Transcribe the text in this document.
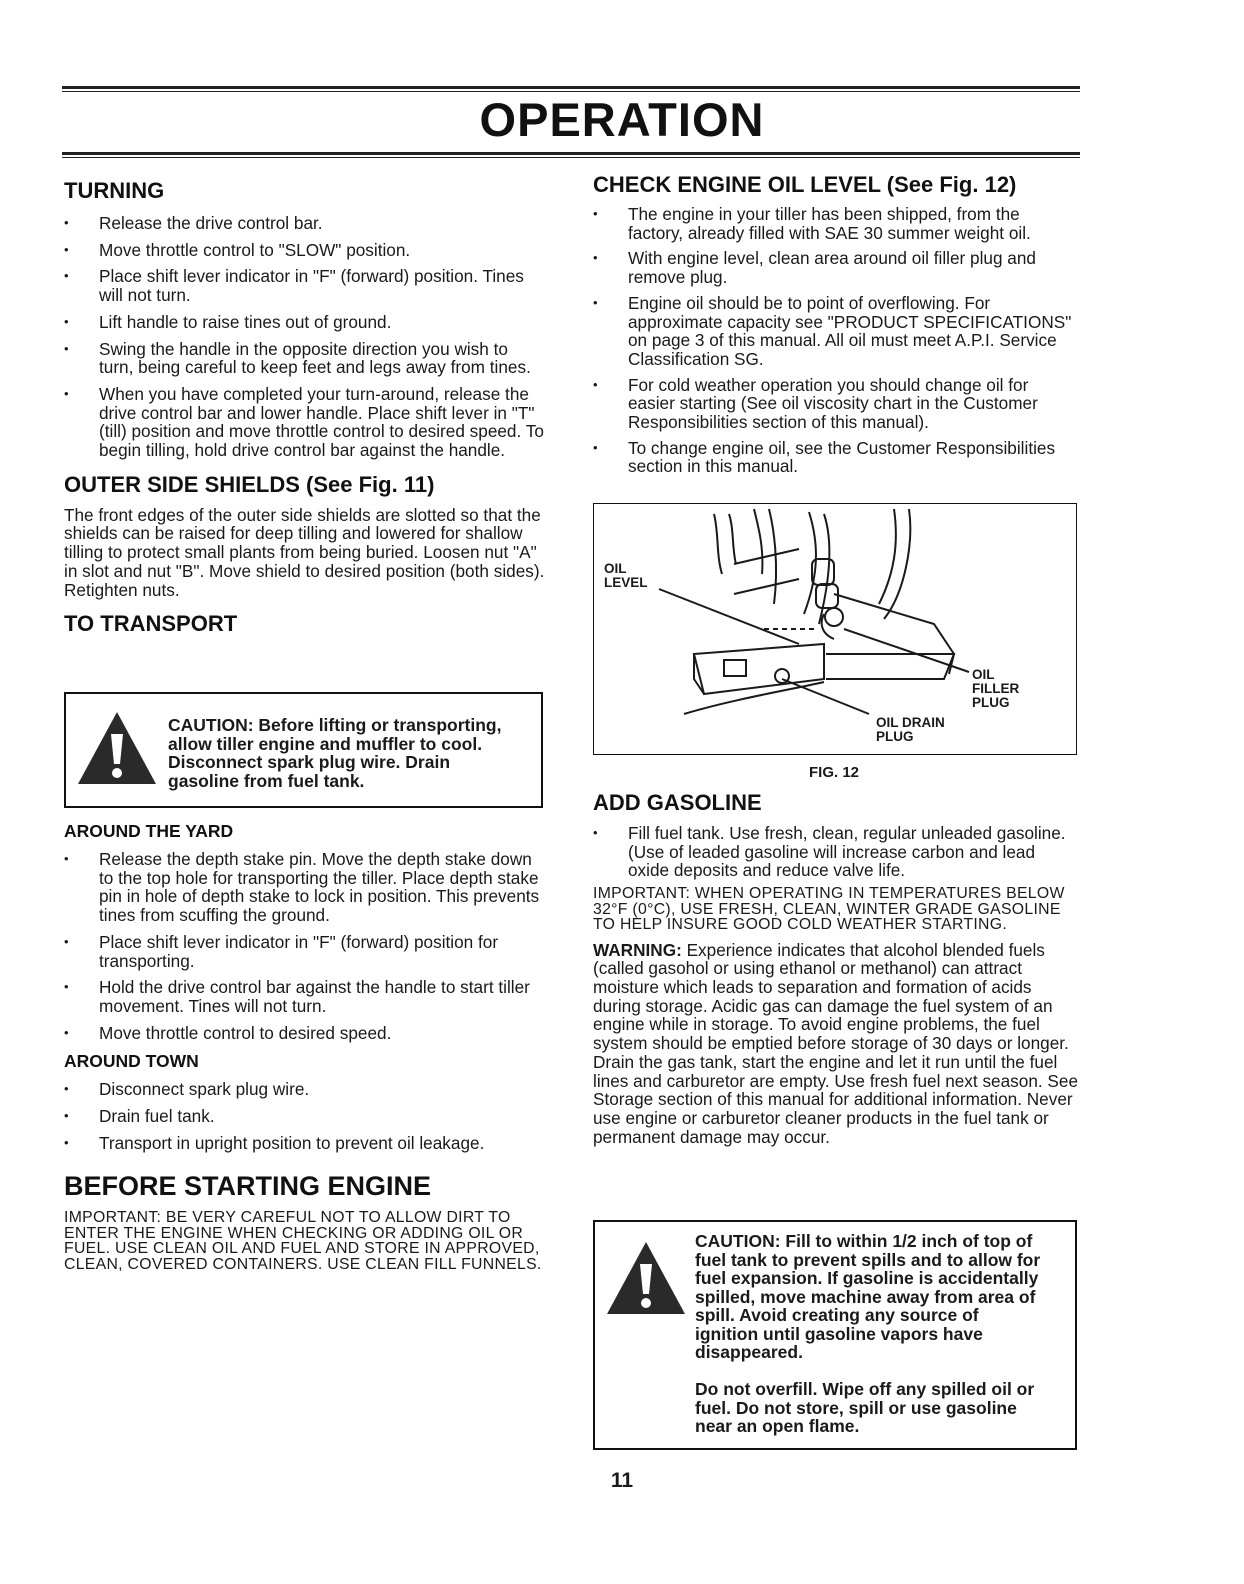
OPERATION
TURNING
• Release the drive control bar.
• Move throttle control to "SLOW" position.
• Place shift lever indicator in "F" (forward) position. Tines will not turn.
• Lift handle to raise tines out of ground.
• Swing the handle in the opposite direction you wish to turn, being careful to keep feet and legs away from tines.
• When you have completed your turn-around, release the drive control bar and lower handle. Place shift lever in "T" (till) position and move throttle control to desired speed. To begin tilling, hold drive control bar against the handle.
OUTER SIDE SHIELDS (See Fig. 11)

The front edges of the outer side shields are slotted so that the shields can be raised for deep tilling and lowered for shallow tilling to protect small plants from being buried. Loosen nut "A" in slot and nut "B". Move shield to desired position (both sides). Retighten nuts.

TO TRANSPORT
CAUTION: Before lifting or transporting, allow tiller engine and muffler to cool. Disconnect spark plug wire. Drain gasoline from fuel tank.
AROUND THE YARD
• Release the depth stake pin. Move the depth stake down to the top hole for transporting the tiller. Place depth stake pin in hole of depth stake to lock in position. This prevents tines from scuffing the ground.
• Place shift lever indicator in "F" (forward) position for transporting.
• Hold the drive control bar against the handle to start tiller movement. Tines will not turn.
• Move throttle control to desired speed.
AROUND TOWN
• Disconnect spark plug wire.
• Drain fuel tank.
• Transport in upright position to prevent oil leakage.
BEFORE STARTING ENGINE

IMPORTANT: BE VERY CAREFUL NOT TO ALLOW DIRT TO ENTER THE ENGINE WHEN CHECKING OR ADDING OIL OR FUEL. USE CLEAN OIL AND FUEL AND STORE IN APPROVED, CLEAN, COVERED CONTAINERS. USE CLEAN FILL FUNNELS.

CHECK ENGINE OIL LEVEL (See Fig. 12)
• The engine in your tiller has been shipped, from the factory, already filled with SAE 30 summer weight oil.
• With engine level, clean area around oil filler plug and remove plug.
• Engine oil should be to point of overflowing. For approximate capacity see "PRODUCT SPECIFICATIONS" on page 3 of this manual. All oil must meet A.P.I. Service Classification SG.
• For cold weather operation you should change oil for easier starting (See oil viscosity chart in the Customer Responsibilities section of this manual).
• To change engine oil, see the Customer Responsibilities section in this manual.
OIL
LEVEL
OIL
FILLER
PLUG
OIL DRAIN
PLUG
FIG. 12
ADD GASOLINE
• Fill fuel tank. Use fresh, clean, regular unleaded gasoline. (Use of leaded gasoline will increase carbon and lead oxide deposits and reduce valve life.

IMPORTANT: WHEN OPERATING IN TEMPERATURES BELOW 32°F (0°C), USE FRESH, CLEAN, WINTER GRADE GASOLINE TO HELP INSURE GOOD COLD WEATHER STARTING.

WARNING: Experience indicates that alcohol blended fuels (called gasohol or using ethanol or methanol) can attract moisture which leads to separation and formation of acids during storage. Acidic gas can damage the fuel system of an engine while in storage. To avoid engine problems, the fuel system should be emptied before storage of 30 days or longer. Drain the gas tank, start the engine and let it run until the fuel lines and carburetor are empty. Use fresh fuel next season. See Storage section of this manual for additional information. Never use engine or carburetor cleaner products in the fuel tank or permanent damage may occur.

CAUTION: Fill to within 1/2 inch of top of fuel tank to prevent spills and to allow for fuel expansion. If gasoline is accidentally spilled, move machine away from area of spill. Avoid creating any source of ignition until gasoline vapors have disappeared.
Do not overfill. Wipe off any spilled oil or fuel. Do not store, spill or use gasoline near an open flame.
11
